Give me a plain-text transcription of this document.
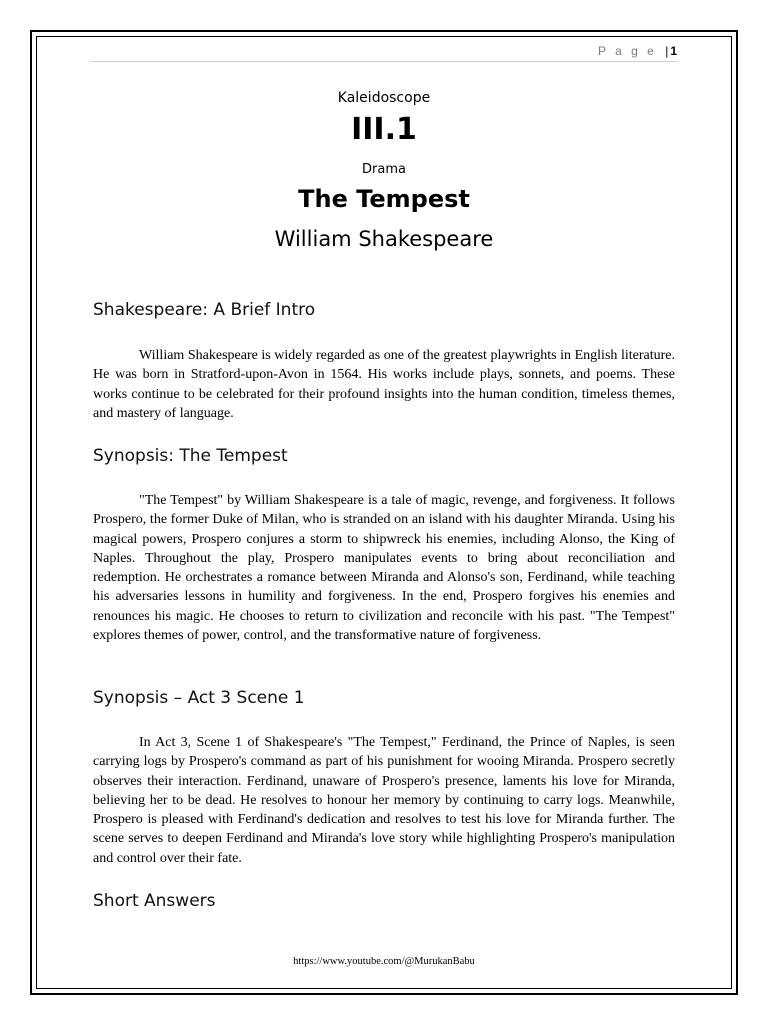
P a g e | 1
Kaleidoscope
III.1
Drama
The Tempest
William Shakespeare
Shakespeare: A Brief Intro

William Shakespeare is widely regarded as one of the greatest playwrights in English literature. He was born in Stratford-upon-Avon in 1564. His works include plays, sonnets, and poems. These works continue to be celebrated for their profound insights into the human condition, timeless themes, and mastery of language.

Synopsis: The Tempest

"The Tempest" by William Shakespeare is a tale of magic, revenge, and forgiveness. It follows Prospero, the former Duke of Milan, who is stranded on an island with his daughter Miranda. Using his magical powers, Prospero conjures a storm to shipwreck his enemies, including Alonso, the King of Naples. Throughout the play, Prospero manipulates events to bring about reconciliation and redemption. He orchestrates a romance between Miranda and Alonso's son, Ferdinand, while teaching his adversaries lessons in humility and forgiveness. In the end, Prospero forgives his enemies and renounces his magic. He chooses to return to civilization and reconcile with his past. "The Tempest" explores themes of power, control, and the transformative nature of forgiveness.

Synopsis – Act 3 Scene 1

In Act 3, Scene 1 of Shakespeare's "The Tempest," Ferdinand, the Prince of Naples, is seen carrying logs by Prospero's command as part of his punishment for wooing Miranda. Prospero secretly observes their interaction. Ferdinand, unaware of Prospero's presence, laments his love for Miranda, believing her to be dead. He resolves to honour her memory by continuing to carry logs. Meanwhile, Prospero is pleased with Ferdinand's dedication and resolves to test his love for Miranda further. The scene serves to deepen Ferdinand and Miranda's love story while highlighting Prospero's manipulation and control over their fate.

Short Answers
https://www.youtube.com/@MurukanBabu
